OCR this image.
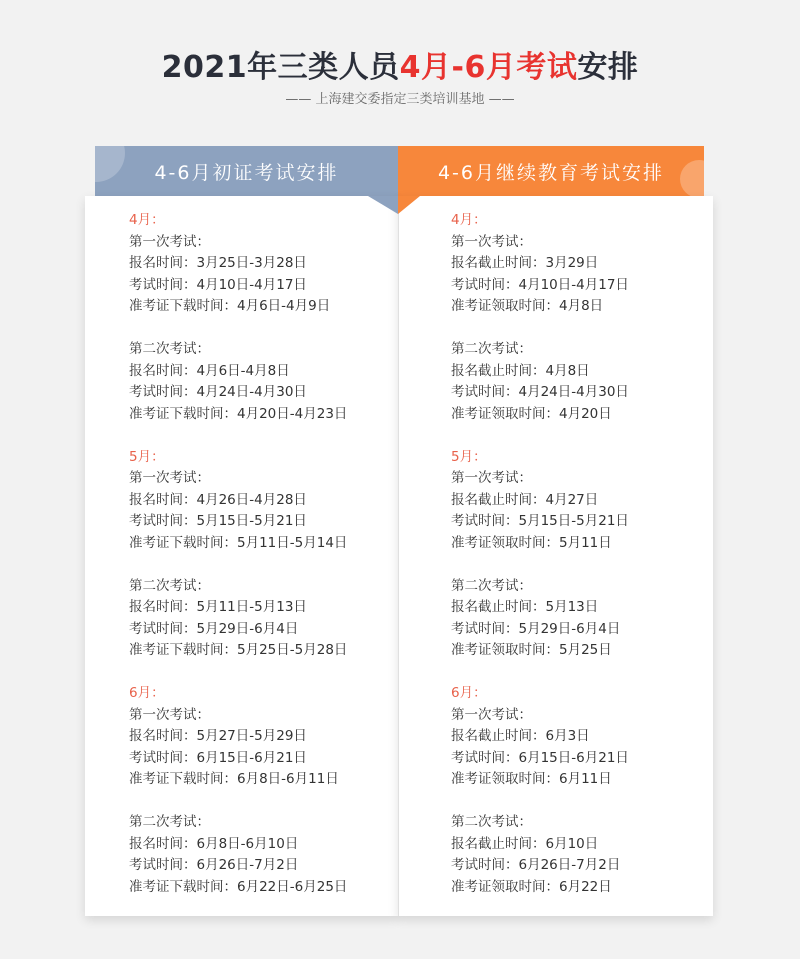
2021年三类人员4月-6月考试安排
—— 上海建交委指定三类培训基地 ——
4-6月初证考试安排	4-6月继续教育考试安排
4月：
第一次考试：
报名时间：3月25日-3月28日
考试时间：4月10日-4月17日
准考证下载时间：4月6日-4月9日
第二次考试：
报名时间：4月6日-4月8日
考试时间：4月24日-4月30日
准考证下载时间：4月20日-4月23日
5月：
第一次考试：
报名时间：4月26日-4月28日
考试时间：5月15日-5月21日
准考证下载时间：5月11日-5月14日
第二次考试：
报名时间：5月11日-5月13日
考试时间：5月29日-6月4日
准考证下载时间：5月25日-5月28日
6月：
第一次考试：
报名时间：5月27日-5月29日
考试时间：6月15日-6月21日
准考证下载时间：6月8日-6月11日
第二次考试：
报名时间：6月8日-6月10日
考试时间：6月26日-7月2日
准考证下载时间：6月22日-6月25日
4月：
第一次考试：
报名截止时间：3月29日
考试时间：4月10日-4月17日
准考证领取时间：4月8日
第二次考试：
报名截止时间：4月8日
考试时间：4月24日-4月30日
准考证领取时间：4月20日
5月：
第一次考试：
报名截止时间：4月27日
考试时间：5月15日-5月21日
准考证领取时间：5月11日
第二次考试：
报名截止时间：5月13日
考试时间：5月29日-6月4日
准考证领取时间：5月25日
6月：
第一次考试：
报名截止时间：6月3日
考试时间：6月15日-6月21日
准考证领取时间：6月11日
第二次考试：
报名截止时间：6月10日
考试时间：6月26日-7月2日
准考证领取时间：6月22日
